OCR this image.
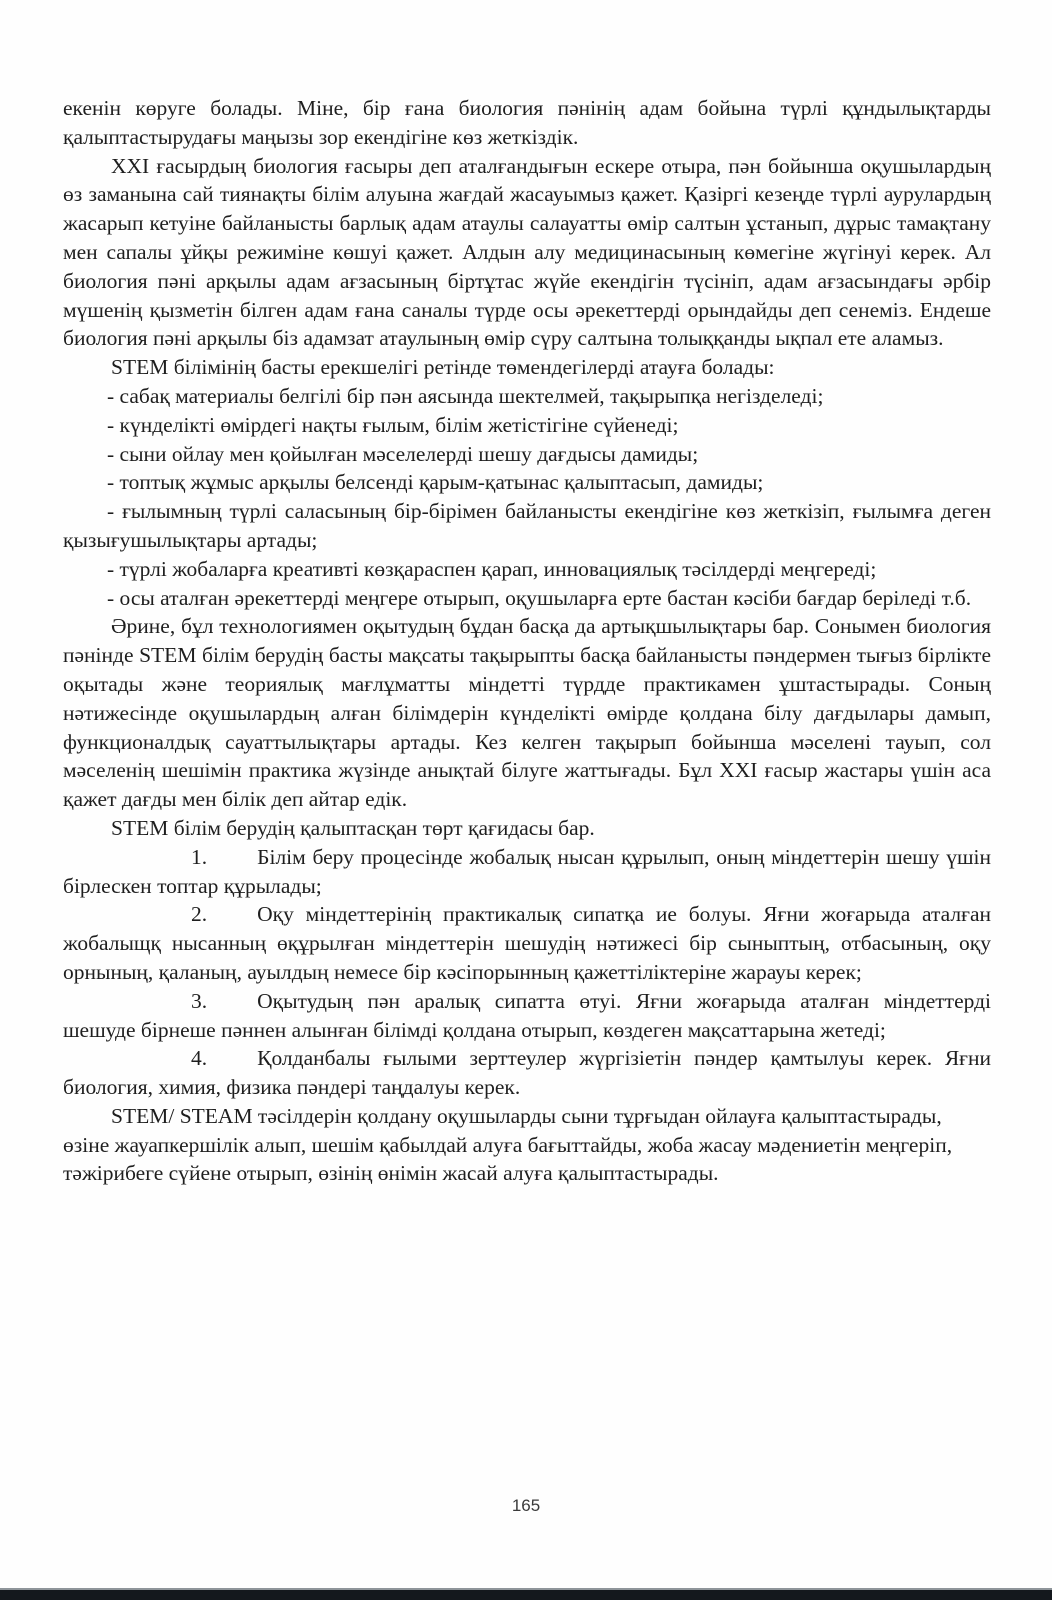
екенін көруге болады. Міне, бір ғана биология пәнінің адам бойына түрлі құндылықтарды қалыптастырудағы маңызы зор екендігіне көз жеткіздік.

XXI ғасырдың биология ғасыры деп аталғандығын ескере отыра, пән бойынша оқушылардың өз заманына сай тиянақты білім алуына жағдай жасауымыз қажет. Қазіргі кезеңде түрлі аурулардың жасарып кетуіне байланысты барлық адам атаулы салауатты өмір салтын ұстанып, дұрыс тамақтану мен сапалы ұйқы режиміне көшуі қажет. Алдын алу медицинасының көмегіне жүгінуі керек. Ал биология пәні арқылы адам ағзасының біртұтас жүйе екендігін түсініп, адам ағзасындағы әрбір мүшенің қызметін білген адам ғана саналы түрде осы әрекеттерді орындайды деп сенеміз. Ендеше биология пәні арқылы біз адамзат атаулының өмір сүру салтына толыққанды ықпал ете аламыз.

STEM білімінің басты ерекшелігі ретінде төмендегілерді атауға болады:

- сабақ материалы белгілі бір пән аясында шектелмей, тақырыпқа негізделеді;

- күнделікті өмірдегі нақты ғылым, білім жетістігіне сүйенеді;

- сыни ойлау мен қойылған мәселелерді шешу дағдысы дамиды;

- топтық жұмыс арқылы белсенді қарым-қатынас қалыптасып, дамиды;

- ғылымның түрлі саласының бір-бірімен байланысты екендігіне көз жеткізіп, ғылымға деген қызығушылықтары артады;

- түрлі жобаларға креативті көзқараспен қарап, инновациялық тәсілдерді меңгереді;

- осы аталған әрекеттерді меңгере отырып, оқушыларға ерте бастан кәсіби бағдар беріледі т.б.

Әрине, бұл технологиямен оқытудың бұдан басқа да артықшылықтары бар. Сонымен биология пәнінде STEM білім берудің басты мақсаты тақырыпты басқа байланысты пәндермен тығыз бірлікте оқытады және теориялық мағлұматты міндетті түрдде практикамен ұштастырады. Соның нәтижесінде оқушылардың алған білімдерін күнделікті өмірде қолдана білу дағдылары дамып, функционалдық сауаттылықтары артады. Кез келген тақырып бойынша мәселені тауып, сол мәселенің шешімін практика жүзінде анықтай білуге жаттығады. Бұл XXI ғасыр жастары үшін аса қажет дағды мен білік деп айтар едік.

STEM білім берудің қалыптасқан төрт қағидасы бар.

1. Білім беру процесінде жобалық нысан құрылып, оның міндеттерін шешу үшін бірлескен топтар құрылады;

2. Оқу міндеттерінің практикалық сипатқа ие болуы. Яғни жоғарыда аталған жобалыщқ нысанның өқұрылған міндеттерін шешудің нәтижесі бір сыныптың, отбасының, оқу орнының, қаланың, ауылдың немесе бір кәсіпорынның қажеттіліктеріне жарауы керек;

3. Оқытудың пән аралық сипатта өтуі. Яғни жоғарыда аталған міндеттерді шешуде бірнеше пәннен алынған білімді қолдана отырып, көздеген мақсаттарына жетеді;

4. Қолданбалы ғылыми зерттеулер жүргізіетін пәндер қамтылуы керек. Яғни биология, химия, физика пәндері таңдалуы керек.

STEM/ STEAM тәсілдерін қолдану оқушыларды сыни тұрғыдан ойлауға қалыптастырады, өзіне жауапкершілік алып, шешім қабылдай алуға бағыттайды, жоба жасау мәдениетін меңгеріп, тәжірибеге сүйене отырып, өзінің өнімін жасай алуға қалыптастырады.

165
